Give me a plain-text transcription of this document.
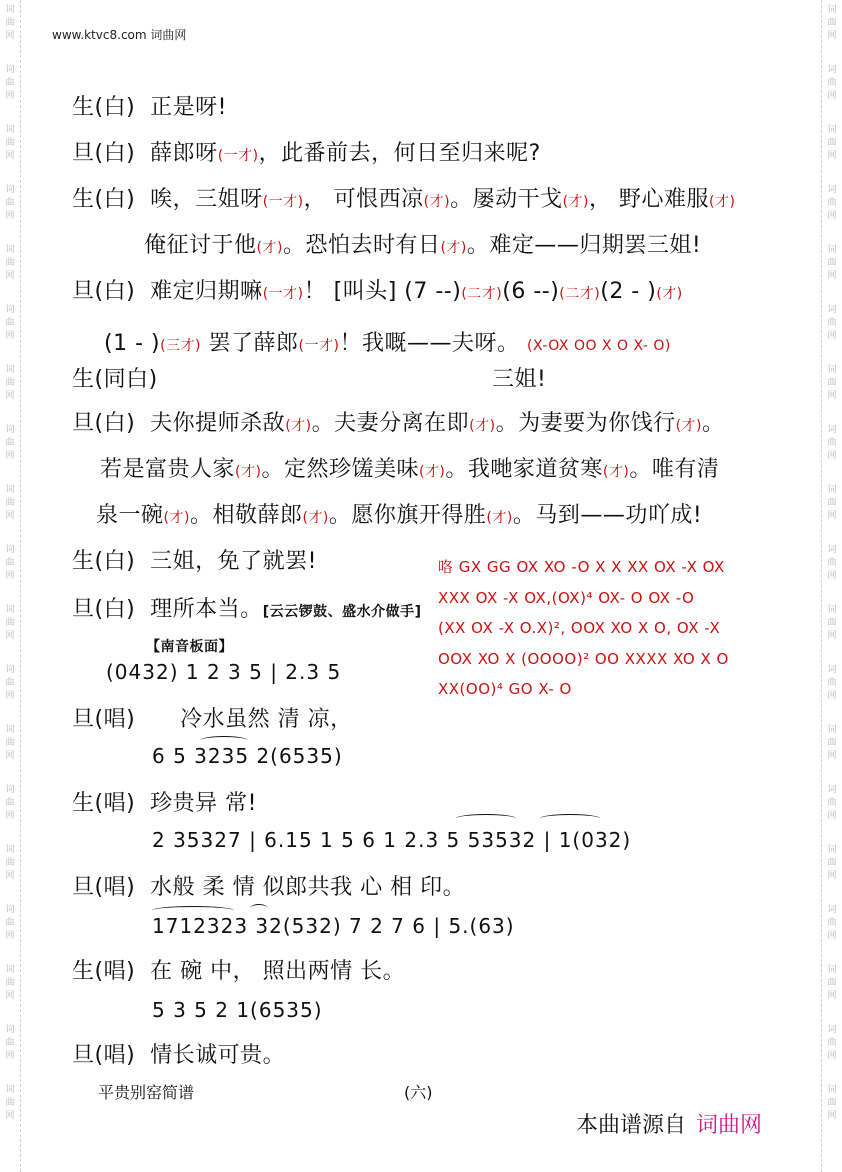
词
曲
网
词
曲
网
词
曲
网
词
曲
网
词
曲
网
词
曲
网
词
曲
网
词
曲
网
词
曲
网
词
曲
网
词
曲
网
词
曲
网
词
曲
网
词
曲
网
词
曲
网
词
曲
网
词
曲
网
词
曲
网
词
曲
网
词
曲
网
词
曲
网
词
曲
网
词
曲
网
词
曲
网
词
曲
网
词
曲
网
词
曲
网
词
曲
网
词
曲
网
词
曲
网
词
曲
网
词
曲
网
词
曲
网
词
曲
网
词
曲
网
词
曲
网
词
曲
网
词
曲
网
www.ktvc8.com 词曲网
生(白) 正是呀!
旦(白) 薛郎呀(一才)，此番前去，何日至归来呢?
生(白) 唉，三姐呀(一才)， 可恨西凉(才)。屡动干戈(才)， 野心难服(才)
俺征讨于他(才)。恐怕去时有日(才)。难定——归期罢三姐!
旦(白) 难定归期嘛(一才)！ [叫头] (7 --)(二才)(6 --)(二才)(2 - )(才)
(1 - )(三才) 罢了薛郎(一才)！我嘅——夫呀。 (X-OX OO X O X- O)
生(同白)	三姐!
旦(白) 夫你提师杀敌(才)。夫妻分离在即(才)。为妻要为你饯行(才)。
若是富贵人家(才)。定然珍馐美味(才)。我哋家道贫寒(才)。唯有清
泉一碗(才)。相敬薛郎(才)。愿你旗开得胜(才)。马到——功吖成!
生(白) 三姐，免了就罢!
旦(白) 理所本当。[云云锣鼓、盛水介做手]
咯 GX GG OX XO -O X X XX OX -X OX
XXX OX -X OX,(OX)⁴ OX- O OX -O
(XX OX -X O.X)², OOX XO X O, OX -X
OOX XO X (OOOO)² OO XXXX XO X O
XX(OO)⁴ GO X- O
【南音板面】
(0432) 1 2 3 5 | 2.3 5
旦(唱) 冷水虽然 清 凉，
6 5 3235 2(6535)
生(唱) 珍贵异 常!
2 35327 | 6.15 1 5 6 1 2.3 5 53532 | 1(032)
旦(唱) 水般 柔 情 似郎共我 心 相 印。
1712323 32(532) 7 2 7 6 | 5.(63)
生(唱) 在 碗 中， 照出两情 长。
5 3 5 2 1(6535)
旦(唱) 情长诚可贵。
平贵别窑简谱	(六)
本曲谱源自 词曲网
